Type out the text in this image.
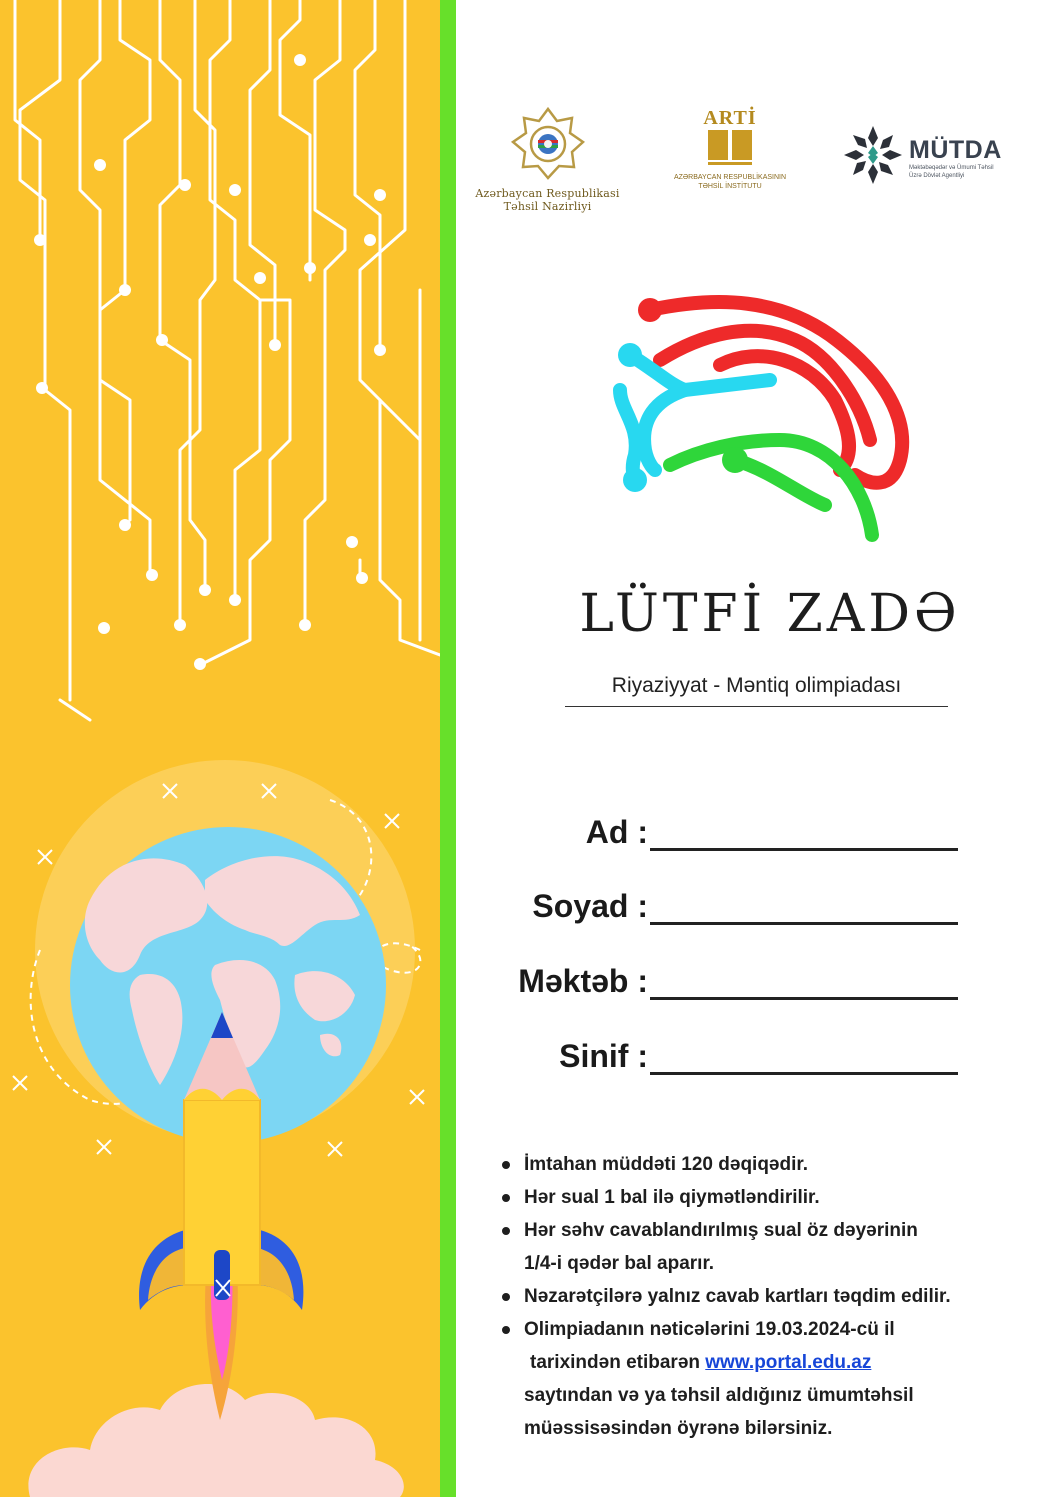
Azərbaycan Respublikasi
Təhsil Nazirliyi
ARTİ
AZƏRBAYCAN RESPUBLİKASININ
TƏHSİL İNSTİTUTU
MÜTDA
Məktəbəqədər və Ümumi Təhsil
Üzrə Dövlət Agentliyi
LÜTFİ ZADƏ
Riyaziyyat - Məntiq olimpiadası
Ad :
Soyad :
Məktəb :
Sinif :
İmtahan müddəti 120 dəqiqədir.
Hər sual 1 bal ilə qiymətləndirilir.
Hər səhv cavablandırılmış sual öz dəyərinin
1/4-i qədər bal aparır.
Nəzarətçilərə yalnız cavab kartları təqdim edilir.
Olimpiadanın nəticələrini 19.03.2024-cü il
tarixindən etibarən www.portal.edu.az
saytından və ya təhsil aldığınız ümumtəhsil
müəssisəsindən öyrənə bilərsiniz.
